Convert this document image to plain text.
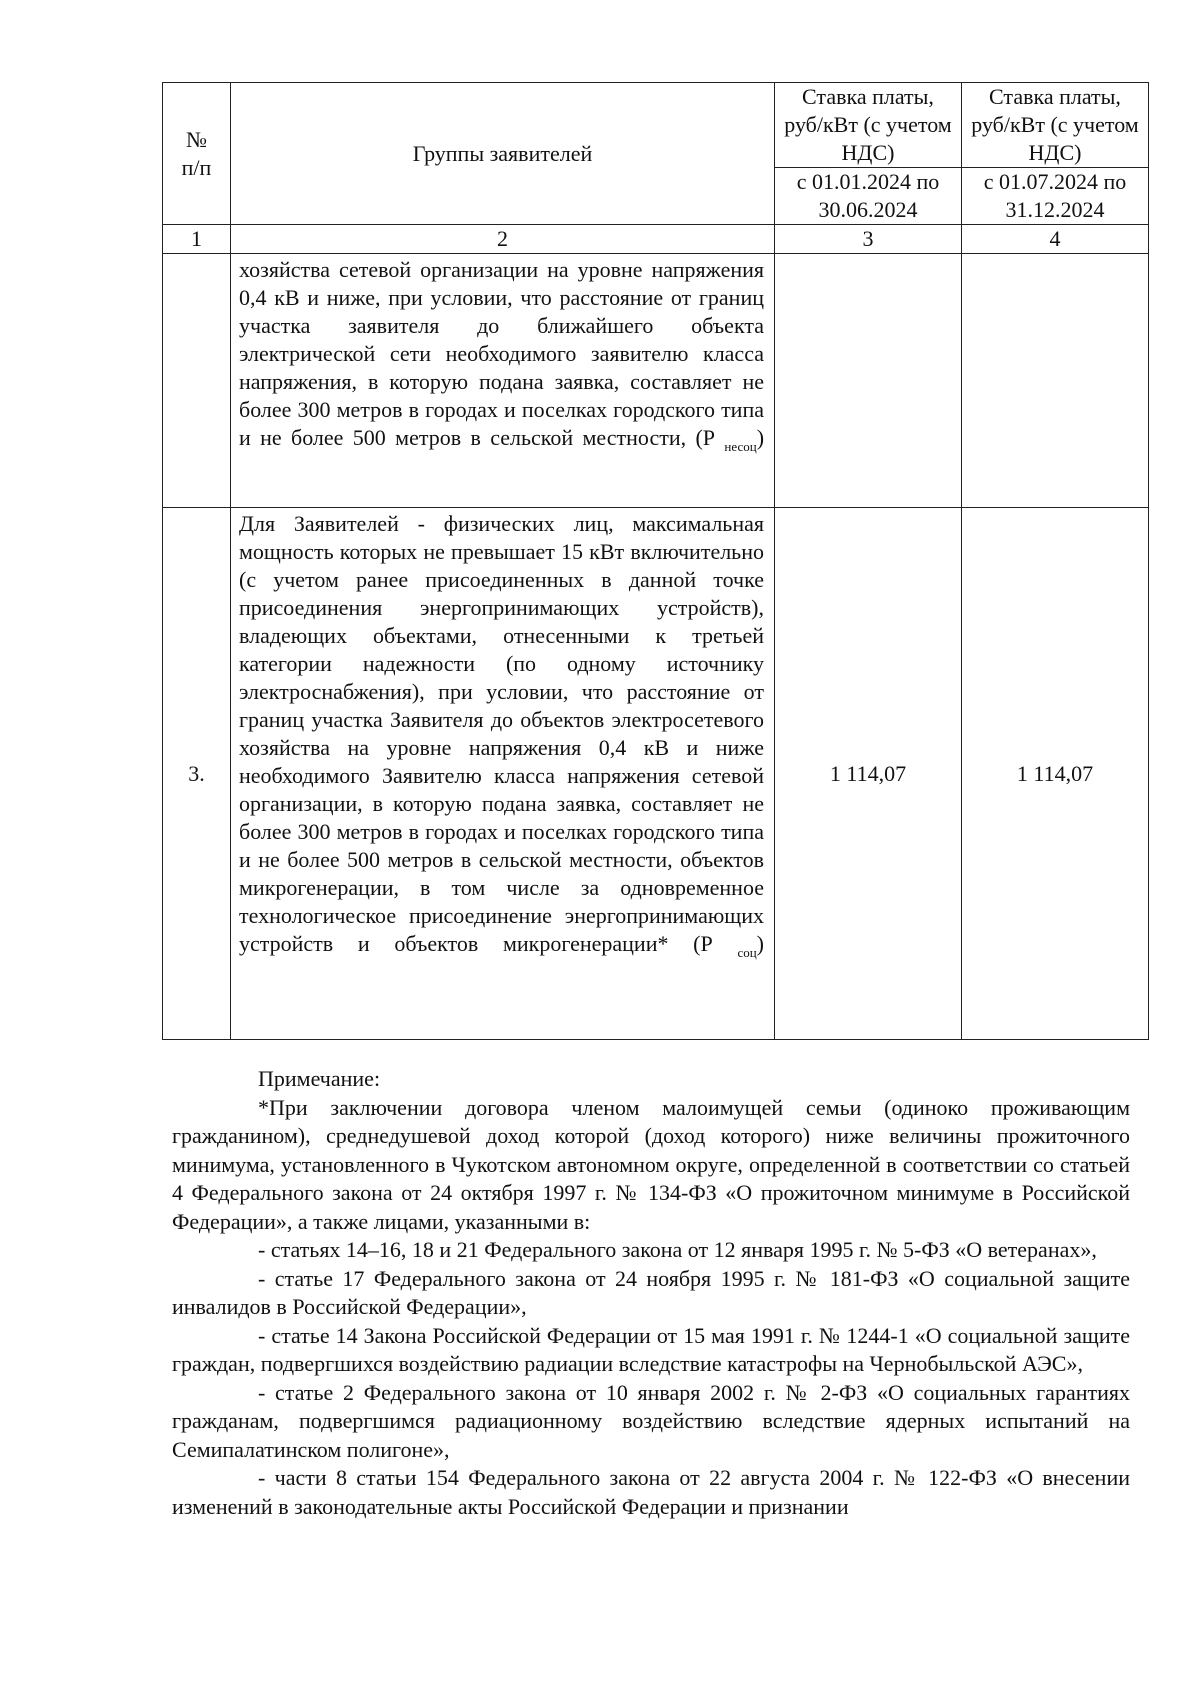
№ п/п	Группы заявителей	Ставка платы, руб/кВт (с учетом НДС)	Ставка платы, руб/кВт (с учетом НДС)
		с 01.01.2024 по 30.06.2024	с 01.07.2024 по 31.12.2024
1	2	3	4
	хозяйства сетевой организации на уровне напряжения 0,4 кВ и ниже, при условии, что расстояние от границ участка заявителя до ближайшего объекта электрической сети необходимого заявителю класса напряжения, в которую подана заявка, составляет не более 300 метров в городах и поселках городского типа и не более 500 метров в сельской местности, (Р $_{несоц}$)		
3.	Для Заявителей - физических лиц, максимальная мощность которых не превышает 15 кВт включительно (с учетом ранее присоединенных в данной точке присоединения энергопринимающих устройств), владеющих объектами, отнесенными к третьей категории надежности (по одному источнику электроснабжения), при условии, что расстояние от границ участка Заявителя до объектов электросетевого хозяйства на уровне напряжения 0,4 кВ и ниже необходимого Заявителю класса напряжения сетевой организации, в которую подана заявка, составляет не более 300 метров в городах и поселках городского типа и не более 500 метров в сельской местности, объектов микрогенерации, в том числе за одновременное технологическое присоединение энергопринимающих устройств и объектов микрогенерации* (Р $_{соц}$)	1 114,07	1 114,07

Примечание:

*При заключении договора членом малоимущей семьи (одиноко проживающим гражданином), среднедушевой доход которой (доход которого) ниже величины прожиточного минимума, установленного в Чукотском автономном округе, определенной в соответствии со статьей 4 Федерального закона от 24 октября 1997 г. № 134-ФЗ «О прожиточном минимуме в Российской Федерации», а также лицами, указанными в:

- статьях 14–16, 18 и 21 Федерального закона от 12 января 1995 г. № 5-ФЗ «О ветеранах»,

- статье 17 Федерального закона от 24 ноября 1995 г. № 181-ФЗ «О социальной защите инвалидов в Российской Федерации»,

- статье 14 Закона Российской Федерации от 15 мая 1991 г. № 1244-1 «О социальной защите граждан, подвергшихся воздействию радиации вследствие катастрофы на Чернобыльской АЭС»,

- статье 2 Федерального закона от 10 января 2002 г. № 2-ФЗ «О социальных гарантиях гражданам, подвергшимся радиационному воздействию вследствие ядерных испытаний на Семипалатинском полигоне»,

- части 8 статьи 154 Федерального закона от 22 августа 2004 г. № 122-ФЗ «О внесении изменений в законодательные акты Российской Федерации и признании
